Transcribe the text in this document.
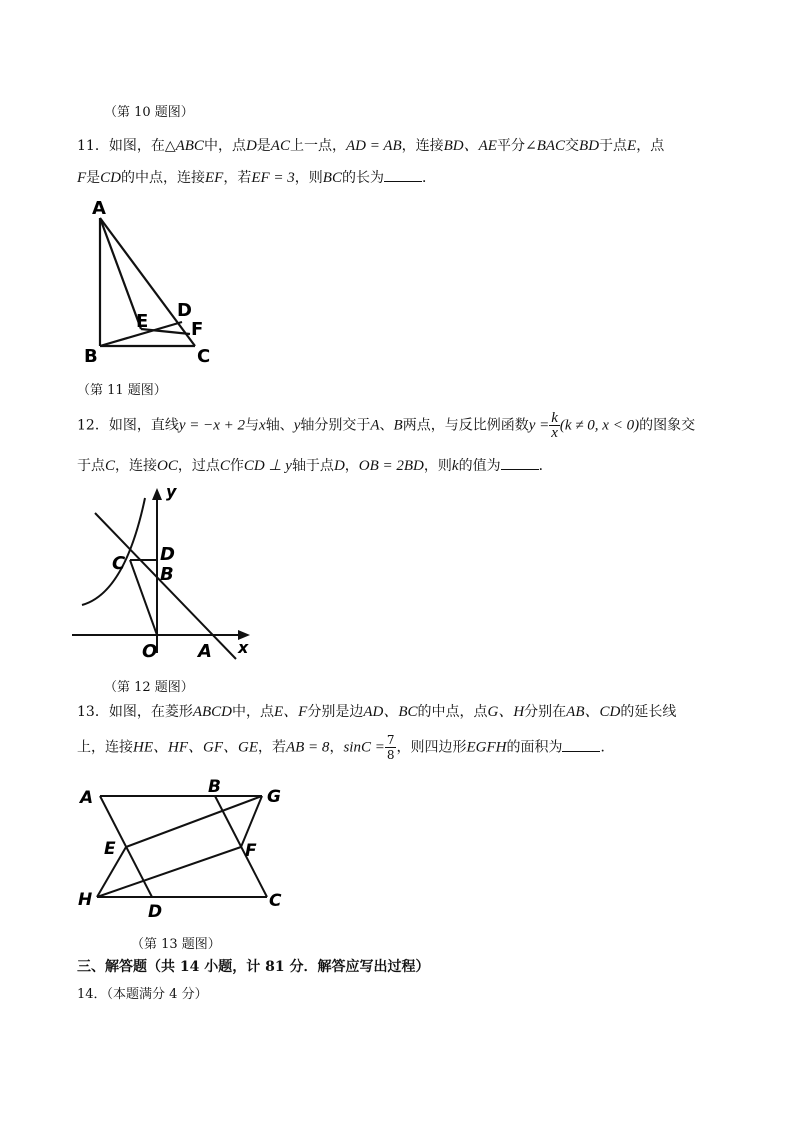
（第 10 题图）
11．如图，在△ABC中，点D是AC上一点，AD = AB，连接BD、AE平分∠BAC交BD于点E，点
F是CD的中点，连接EF，若EF = 3，则BC的长为	．
A
B	C
D
E F
（第 11 题图）
12．如图，直线y = −x + 2与x轴、y轴分别交于A、B两点，与反比例函数$y = \frac{k}{x} (k \ne 0$, x < 0)的图象交
于点C，连接OC，过点C作CD ⊥ y轴于点D，OB = 2BD，则k的值为	．
y
x
C D
B
O A
（第 12 题图）
13．如图，在菱形ABCD中，点E、F分别是边AD、BC的中点，点G、H分别在AB、CD的延长线
上，连接HE、HF、GF、GE，若AB = 8，$\sin C = \frac{7}{8}$ ，则四边形EGFH的面积为	．
A
B	G
E	F
H
D
C
（第 13 题图）
三、解答题（共 14 小题，计 81 分．解答应写出过程）
14．（本题满分 4 分）
